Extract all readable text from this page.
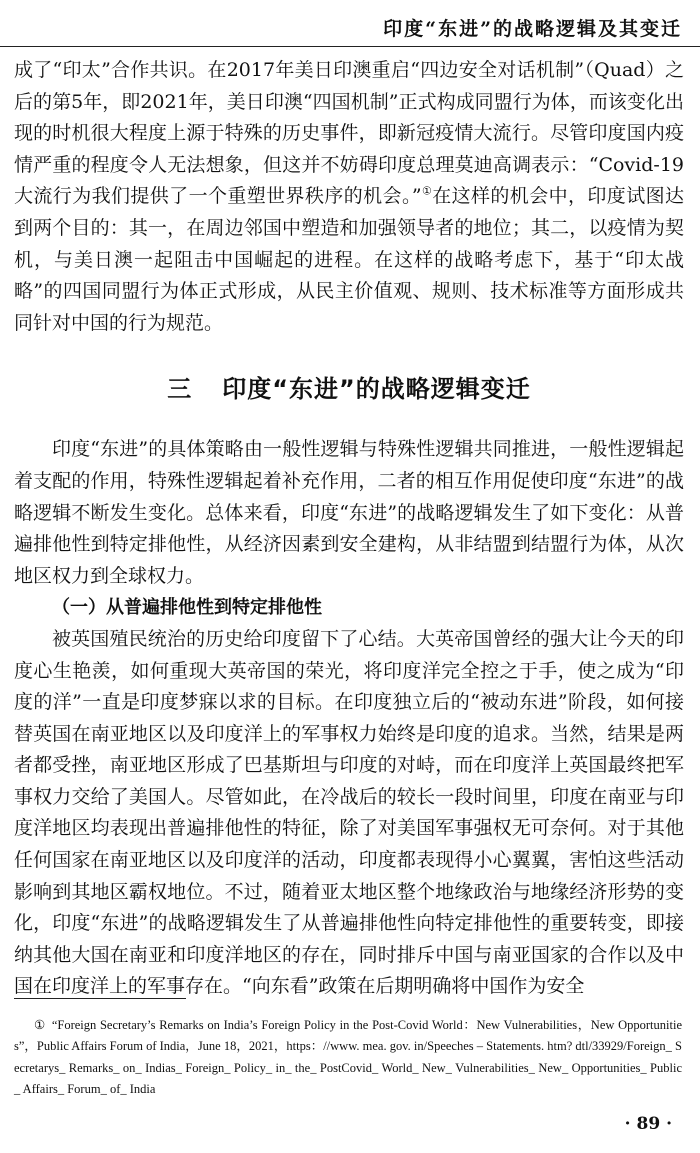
印度“东进”的战略逻辑及其变迁

成了“印太”合作共识。在2017年美日印澳重启“四边安全对话机制”（Quad）之后的第5年，即2021年，美日印澳“四国机制”正式构成同盟行为体，而该变化出现的时机很大程度上源于特殊的历史事件，即新冠疫情大流行。尽管印度国内疫情严重的程度令人无法想象，但这并不妨碍印度总理莫迪高调表示：“Covid-19大流行为我们提供了一个重塑世界秩序的机会。”①在这样的机会中，印度试图达到两个目的：其一，在周边邻国中塑造和加强领导者的地位；其二，以疫情为契机，与美日澳一起阻击中国崛起的进程。在这样的战略考虑下，基于“印太战略”的四国同盟行为体正式形成，从民主价值观、规则、技术标准等方面形成共同针对中国的行为规范。

三 印度“东进”的战略逻辑变迁

印度“东进”的具体策略由一般性逻辑与特殊性逻辑共同推进，一般性逻辑起着支配的作用，特殊性逻辑起着补充作用，二者的相互作用促使印度“东进”的战略逻辑不断发生变化。总体来看，印度“东进”的战略逻辑发生了如下变化：从普遍排他性到特定排他性，从经济因素到安全建构，从非结盟到结盟行为体，从次地区权力到全球权力。

（一）从普遍排他性到特定排他性

被英国殖民统治的历史给印度留下了心结。大英帝国曾经的强大让今天的印度心生艳羡，如何重现大英帝国的荣光，将印度洋完全控之于手，使之成为“印度的洋”一直是印度梦寐以求的目标。在印度独立后的“被动东进”阶段，如何接替英国在南亚地区以及印度洋上的军事权力始终是印度的追求。当然，结果是两者都受挫，南亚地区形成了巴基斯坦与印度的对峙，而在印度洋上英国最终把军事权力交给了美国人。尽管如此，在冷战后的较长一段时间里，印度在南亚与印度洋地区均表现出普遍排他性的特征，除了对美国军事强权无可奈何。对于其他任何国家在南亚地区以及印度洋的活动，印度都表现得小心翼翼，害怕这些活动影响到其地区霸权地位。不过，随着亚太地区整个地缘政治与地缘经济形势的变化，印度“东进”的战略逻辑发生了从普遍排他性向特定排他性的重要转变，即接纳其他大国在南亚和印度洋地区的存在，同时排斥中国与南亚国家的合作以及中国在印度洋上的军事存在。“向东看”政策在后期明确将中国作为安全

① “Foreign Secretary’s Remarks on India’s Foreign Policy in the Post-Covid World：New Vulnerabilities，New Opportunities”，Public Affairs Forum of India，June 18，2021，https：//www. mea. gov. in/Speeches – Statements. htm? dtl/33929/Foreign_ Secretarys_ Remarks_ on_ Indias_ Foreign_ Policy_ in_ the_ PostCovid_ World_ New_ Vulnerabilities_ New_ Opportunities_ Public_ Affairs_ Forum_ of_ India
· 89 ·
